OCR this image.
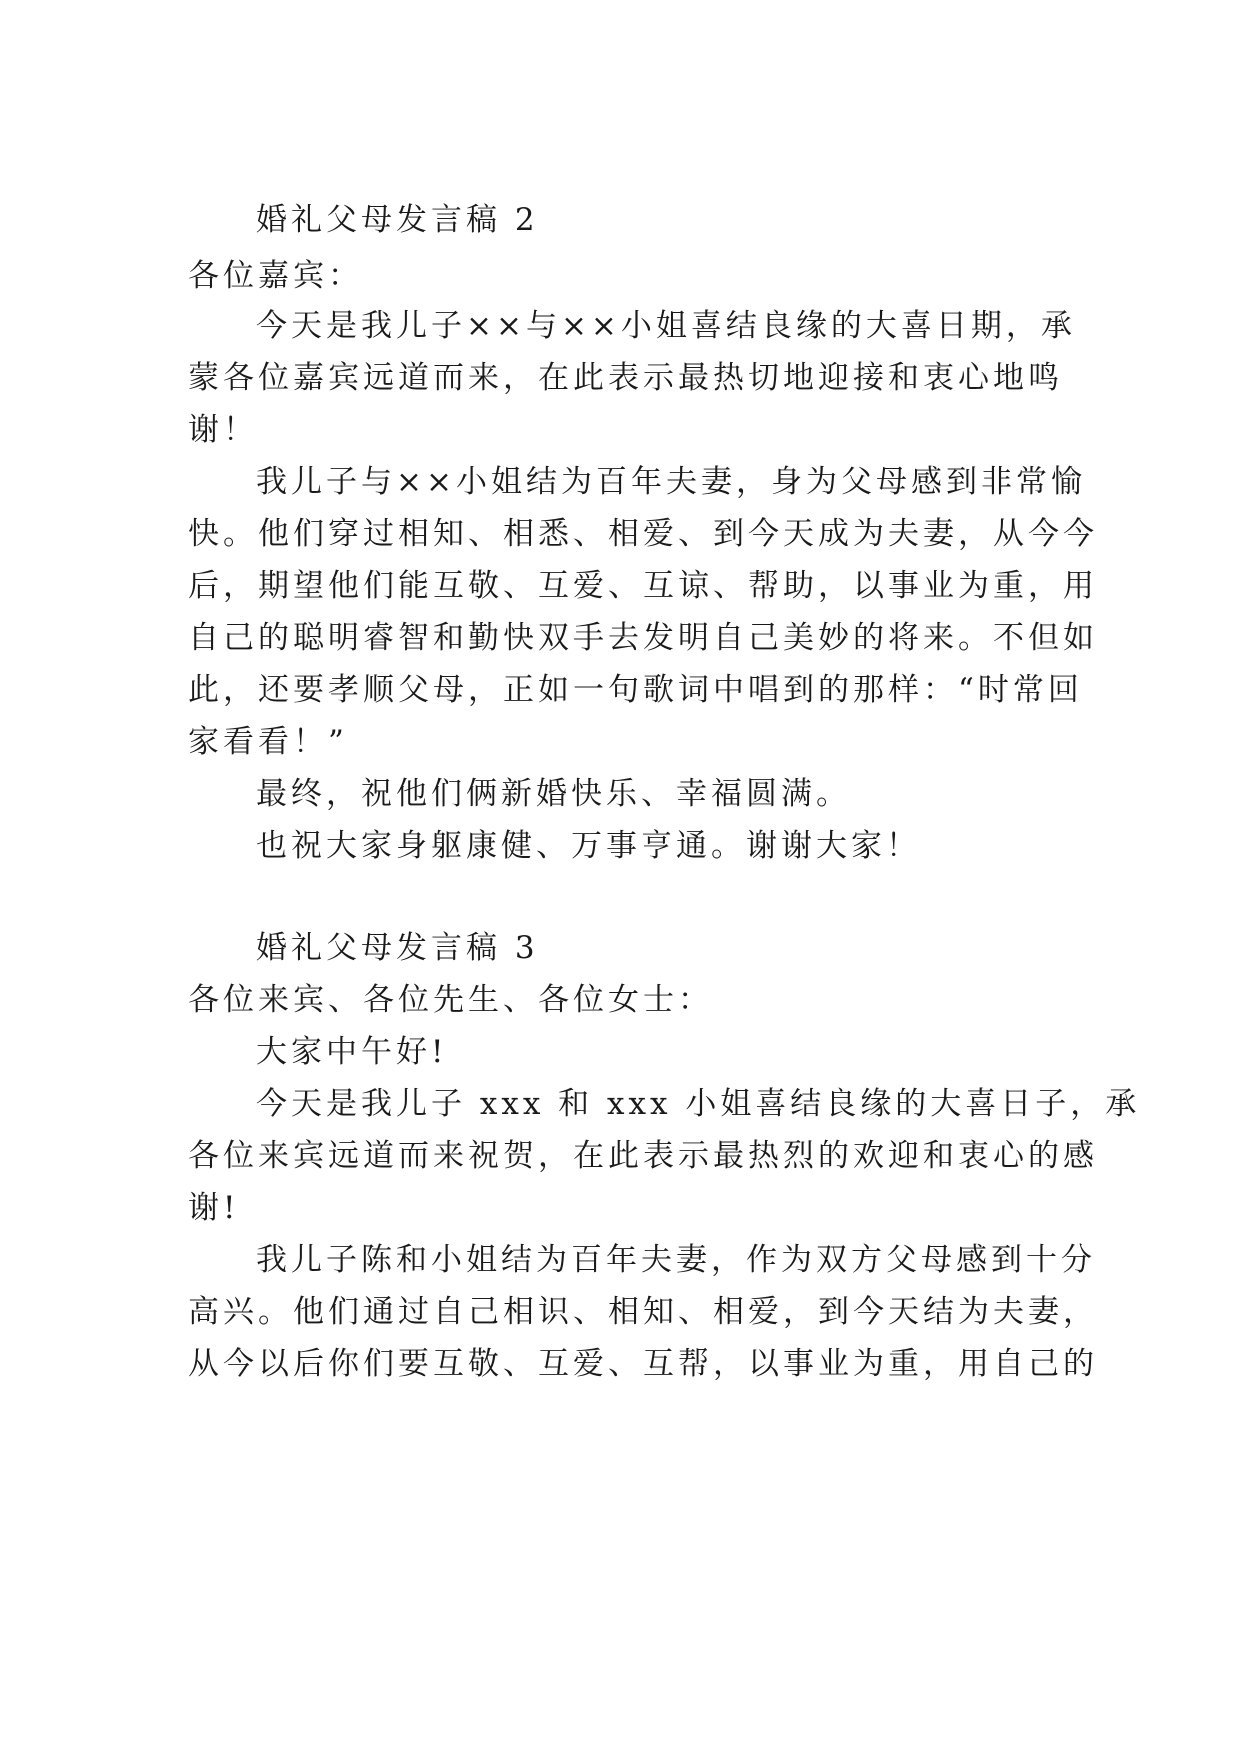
婚礼父母发言稿 2
各位嘉宾：
今天是我儿子××与××小姐喜结良缘的大喜日期，承
蒙各位嘉宾远道而来，在此表示最热切地迎接和衷心地鸣
谢！
我儿子与××小姐结为百年夫妻，身为父母感到非常愉
快。他们穿过相知、相悉、相爱、到今天成为夫妻，从今今
后，期望他们能互敬、互爱、互谅、帮助，以事业为重，用
自己的聪明睿智和勤快双手去发明自己美妙的将来。不但如
此，还要孝顺父母，正如一句歌词中唱到的那样：“时常回
家看看！”
最终，祝他们俩新婚快乐、幸福圆满。
也祝大家身躯康健、万事亨通。谢谢大家！
婚礼父母发言稿 3
各位来宾、各位先生、各位女士：
大家中午好!
今天是我儿子 xxx 和 xxx 小姐喜结良缘的大喜日子，承
各位来宾远道而来祝贺，在此表示最热烈的欢迎和衷心的感
谢!
我儿子陈和小姐结为百年夫妻，作为双方父母感到十分
高兴。他们通过自己相识、相知、相爱，到今天结为夫妻，
从今以后你们要互敬、互爱、互帮，以事业为重，用自己的
